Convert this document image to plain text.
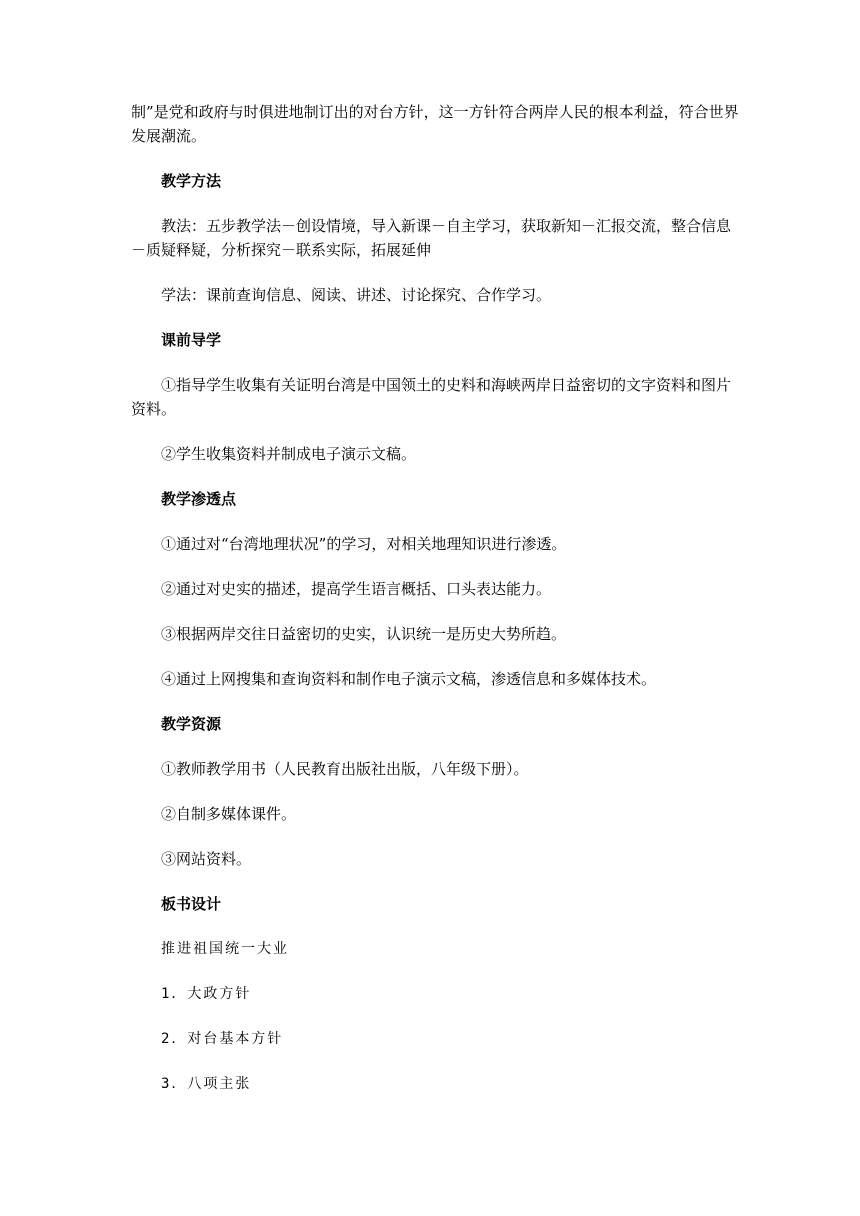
制”是党和政府与时俱进地制订出的对台方针，这一方针符合两岸人民的根本利益，符合世界发展潮流。

教学方法

教法：五步教学法－创设情境，导入新课－自主学习，获取新知－汇报交流，整合信息－质疑释疑，分析探究－联系实际，拓展延伸

学法：课前查询信息、阅读、讲述、讨论探究、合作学习。

课前导学

①指导学生收集有关证明台湾是中国领土的史料和海峡两岸日益密切的文字资料和图片资料。

②学生收集资料并制成电子演示文稿。

教学渗透点

①通过对“台湾地理状况”的学习，对相关地理知识进行渗透。

②通过对史实的描述，提高学生语言概括、口头表达能力。

③根据两岸交往日益密切的史实，认识统一是历史大势所趋。

④通过上网搜集和查询资料和制作电子演示文稿，渗透信息和多媒体技术。

教学资源

①教师教学用书（人民教育出版社出版，八年级下册）。

②自制多媒体课件。

③网站资料。

板书设计

推进祖国统一大业

1．大政方针

2．对台基本方针

3．八项主张
